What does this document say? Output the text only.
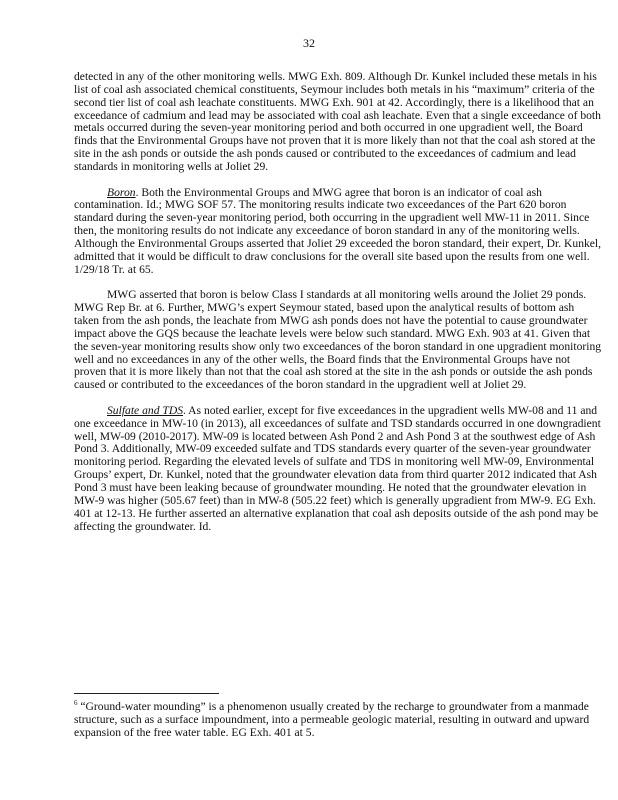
32

detected in any of the other monitoring wells. MWG Exh. 809. Although Dr. Kunkel included these metals in his list of coal ash associated chemical constituents, Seymour includes both metals in his “maximum” criteria of the second tier list of coal ash leachate constituents. MWG Exh. 901 at 42. Accordingly, there is a likelihood that an exceedance of cadmium and lead may be associated with coal ash leachate. Even that a single exceedance of both metals occurred during the seven-year monitoring period and both occurred in one upgradient well, the Board finds that the Environmental Groups have not proven that it is more likely than not that the coal ash stored at the site in the ash ponds or outside the ash ponds caused or contributed to the exceedances of cadmium and lead standards in monitoring wells at Joliet 29.

Boron. Both the Environmental Groups and MWG agree that boron is an indicator of coal ash contamination. Id.; MWG SOF 57. The monitoring results indicate two exceedances of the Part 620 boron standard during the seven-year monitoring period, both occurring in the upgradient well MW-11 in 2011. Since then, the monitoring results do not indicate any exceedance of boron standard in any of the monitoring wells. Although the Environmental Groups asserted that Joliet 29 exceeded the boron standard, their expert, Dr. Kunkel, admitted that it would be difficult to draw conclusions for the overall site based upon the results from one well. 1/29/18 Tr. at 65.

MWG asserted that boron is below Class I standards at all monitoring wells around the Joliet 29 ponds. MWG Rep Br. at 6. Further, MWG’s expert Seymour stated, based upon the analytical results of bottom ash taken from the ash ponds, the leachate from MWG ash ponds does not have the potential to cause groundwater impact above the GQS because the leachate levels were below such standard. MWG Exh. 903 at 41. Given that the seven-year monitoring results show only two exceedances of the boron standard in one upgradient monitoring well and no exceedances in any of the other wells, the Board finds that the Environmental Groups have not proven that it is more likely than not that the coal ash stored at the site in the ash ponds or outside the ash ponds caused or contributed to the exceedances of the boron standard in the upgradient well at Joliet 29.

Sulfate and TDS. As noted earlier, except for five exceedances in the upgradient wells MW-08 and 11 and one exceedance in MW-10 (in 2013), all exceedances of sulfate and TSD standards occurred in one downgradient well, MW-09 (2010-2017). MW-09 is located between Ash Pond 2 and Ash Pond 3 at the southwest edge of Ash Pond 3. Additionally, MW-09 exceeded sulfate and TDS standards every quarter of the seven-year groundwater monitoring period. Regarding the elevated levels of sulfate and TDS in monitoring well MW-09, Environmental Groups’ expert, Dr. Kunkel, noted that the groundwater elevation data from third quarter 2012 indicated that Ash Pond 3 must have been leaking because of groundwater mounding. He noted that the groundwater elevation in MW-9 was higher (505.67 feet) than in MW-8 (505.22 feet) which is generally upgradient from MW-9. EG Exh. 401 at 12-13. He further asserted an alternative explanation that coal ash deposits outside of the ash pond may be affecting the groundwater. Id.

$^6$ “Ground-water mounding” is a phenomenon usually created by the recharge to groundwater from a manmade structure, such as a surface impoundment, into a permeable geologic material, resulting in outward and upward expansion of the free water table. EG Exh. 401 at 5.
